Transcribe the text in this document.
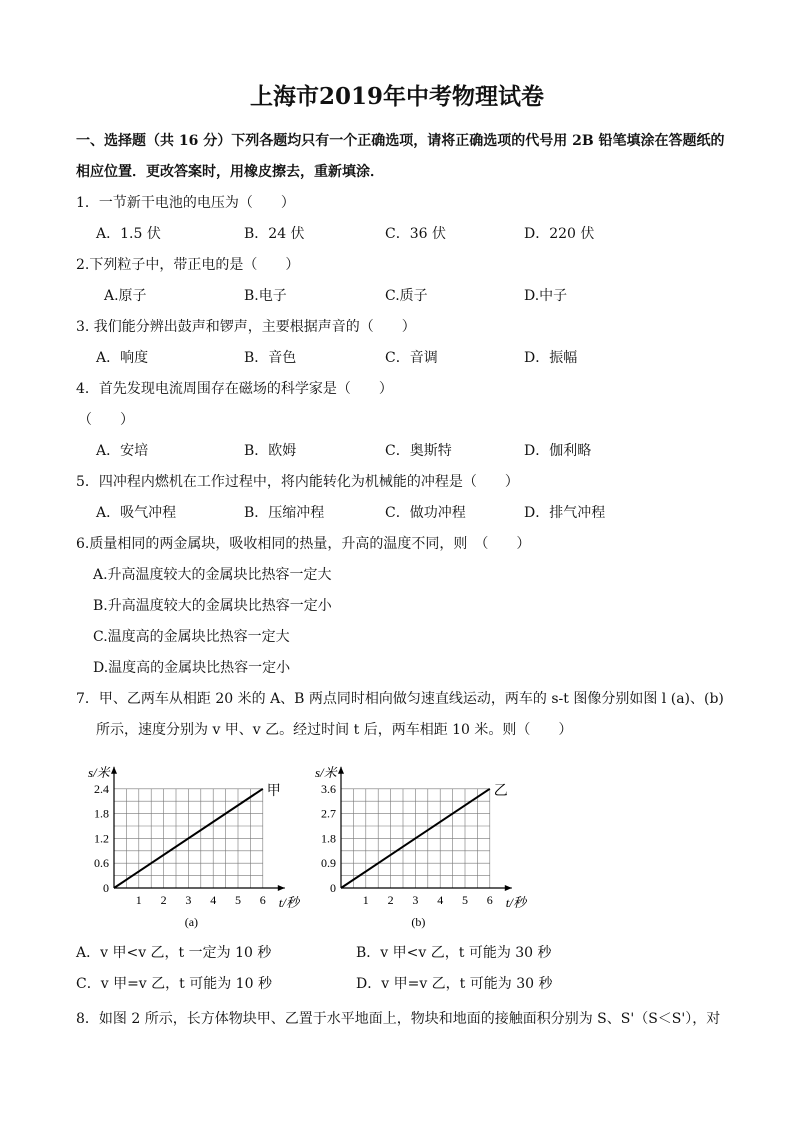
上海市2019年中考物理试卷
一、选择题（共 16 分）下列各题均只有一个正确选项，请将正确选项的代号用 2B 铅笔填涂在答题纸的
相应位置．更改答案时，用橡皮擦去，重新填涂．
1．一节新干电池的电压为（　　）
A．1.5 伏	B．24 伏	C．36 伏	D．220 伏
2.下列粒子中，带正电的是（　　）
A.原子	B.电子	C.质子	D.中子
3. 我们能分辨出鼓声和锣声，主要根据声音的（　　）
A．响度	B．音色	C．音调	D．振幅
4．首先发现电流周围存在磁场的科学家是（　　）
（　　）
A．安培	B．欧姆	C．奥斯特	D．伽利略
5．四冲程内燃机在工作过程中，将内能转化为机械能的冲程是（　　）
A．吸气冲程	B．压缩冲程	C．做功冲程	D．排气冲程
6.质量相同的两金属块，吸收相同的热量，升高的温度不同，则　（　　）
A.升高温度较大的金属块比热容一定大
B.升高温度较大的金属块比热容一定小
C.温度高的金属块比热容一定大
D.温度高的金属块比热容一定小
7．甲、乙两车从相距 20 米的 A、B 两点同时相向做匀速直线运动，两车的 s-t 图像分别如图 l (a)、(b)
所示，速度分别为 v 甲、v 乙。经过时间 t 后，两车相距 10 米。则（　　）
0
0.6
1.2
1.8
2.4
1 2 3 4 5 6
s/米
t/秒
甲
(a)
0
0.9
1.8
2.7
3.6
1 2 3 4 5 6
s/米
t/秒
乙
(b)
A．v 甲<v 乙，t 一定为 10 秒	B．v 甲<v 乙，t 可能为 30 秒
C．v 甲=v 乙，t 可能为 10 秒	D．v 甲=v 乙，t 可能为 30 秒
8．如图 2 所示，长方体物块甲、乙置于水平地面上，物块和地面的接触面积分别为 S、S'（S＜S'），对
